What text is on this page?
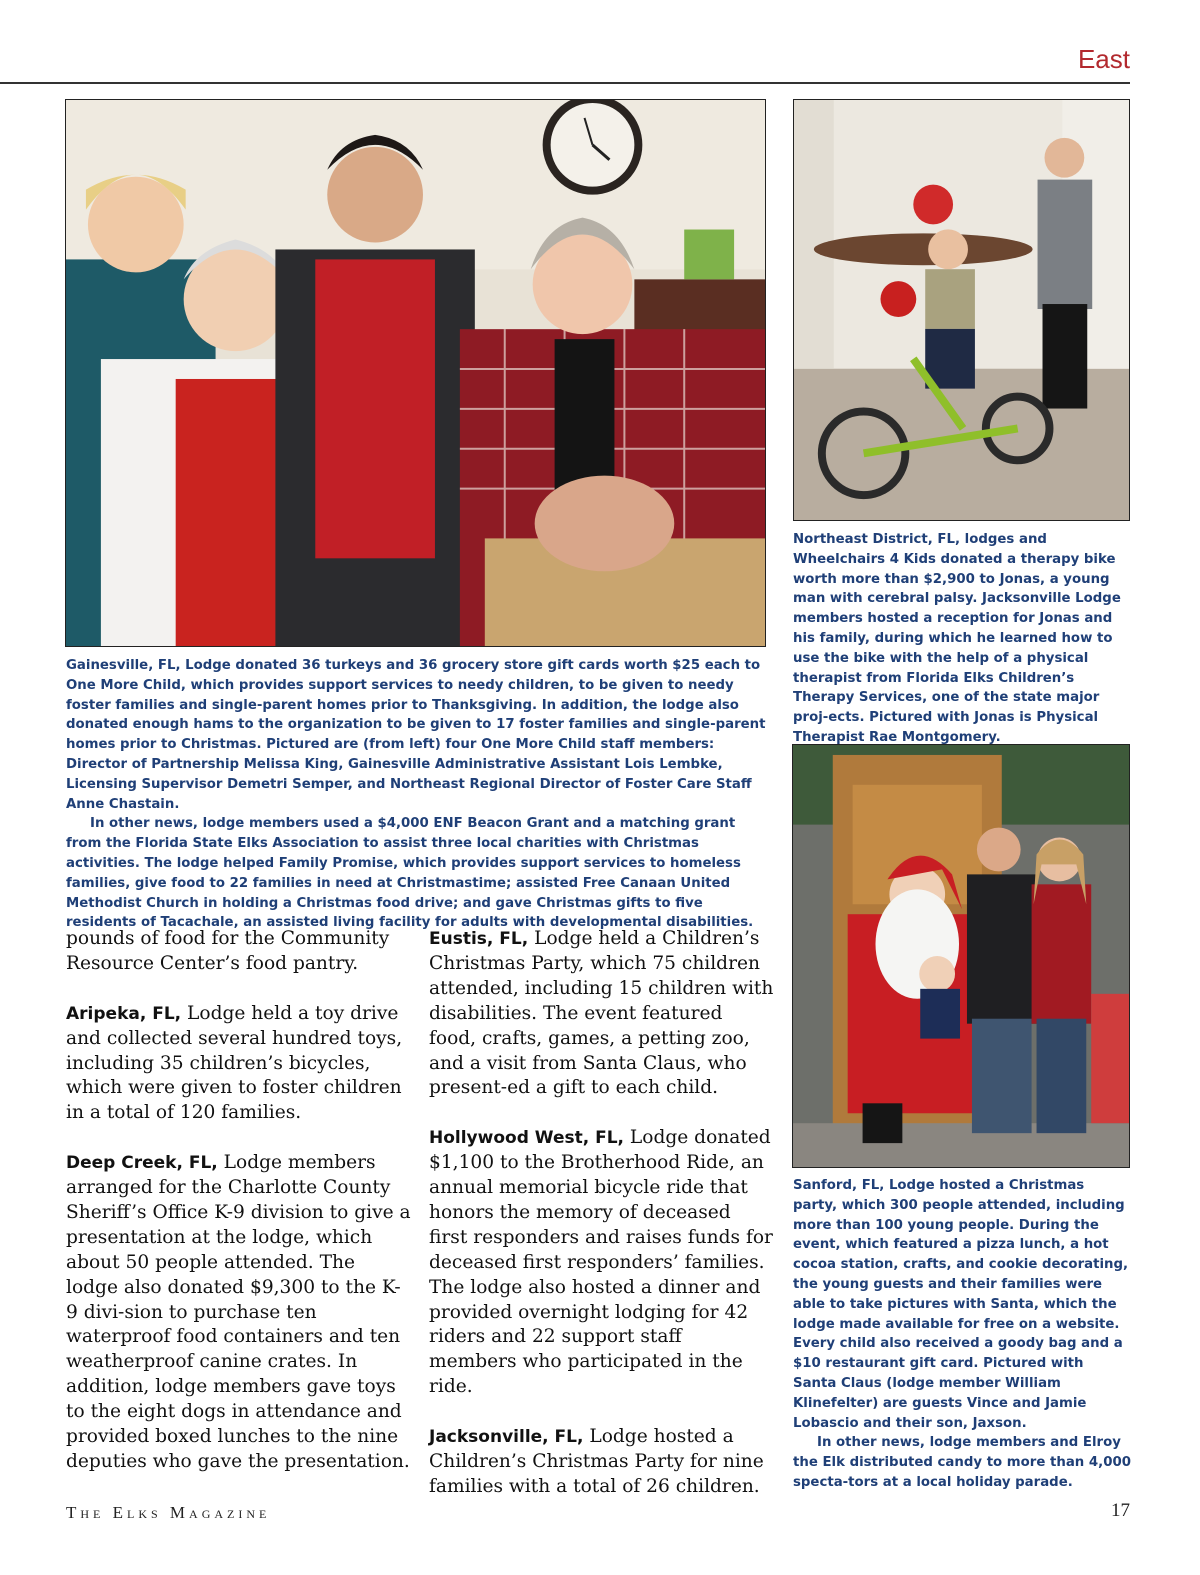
East

Gainesville, FL, Lodge donated 36 turkeys and 36 grocery store gift cards worth $25 each to One More Child, which provides support services to needy children, to be given to needy foster families and single-parent homes prior to Thanksgiving. In addition, the lodge also donated enough hams to the organization to be given to 17 foster families and single-parent homes prior to Christmas. Pictured are (from left) four One More Child staff members: Director of Partnership Melissa King, Gainesville Administrative Assistant Lois Lembke, Licensing Supervisor Demetri Semper, and Northeast Regional Director of Foster Care Staff Anne Chastain.

In other news, lodge members used a $4,000 ENF Beacon Grant and a matching grant from the Florida State Elks Association to assist three local charities with Christmas activities. The lodge helped Family Promise, which provides support services to homeless families, give food to 22 families in need at Christmastime; assisted Free Canaan United Methodist Church in holding a Christmas food drive; and gave Christmas gifts to five residents of Tacachale, an assisted living facility for adults with developmental disabilities.

Northeast District, FL, lodges and Wheelchairs 4 Kids donated a therapy bike worth more than $2,900 to Jonas, a young man with cerebral palsy. Jacksonville Lodge members hosted a reception for Jonas and his family, during which he learned how to use the bike with the help of a physical therapist from Florida Elks Children’s Therapy Services, one of the state major proj-ects. Pictured with Jonas is Physical Therapist Rae Montgomery.

Sanford, FL, Lodge hosted a Christmas party, which 300 people attended, including more than 100 young people. During the event, which featured a pizza lunch, a hot cocoa station, crafts, and cookie decorating, the young guests and their families were able to take pictures with Santa, which the lodge made available for free on a website. Every child also received a goody bag and a $10 restaurant gift card. Pictured with Santa Claus (lodge member William Klinefelter) are guests Vince and Jamie Lobascio and their son, Jaxson.

In other news, lodge members and Elroy the Elk distributed candy to more than 4,000 specta-tors at a local holiday parade.

pounds of food for the Community Resource Center’s food pantry.

Aripeka, FL, Lodge held a toy drive and collected several hundred toys, including 35 children’s bicycles, which were given to foster children in a total of 120 families.

Deep Creek, FL, Lodge members arranged for the Charlotte County Sheriff’s Office K-9 division to give a presentation at the lodge, which about 50 people attended. The lodge also donated $9,300 to the K-9 divi-sion to purchase ten waterproof food containers and ten weatherproof canine crates. In addition, lodge members gave toys to the eight dogs in attendance and provided boxed lunches to the nine deputies who gave the presentation.

Eustis, FL, Lodge held a Children’s Christmas Party, which 75 children attended, including 15 children with disabilities. The event featured food, crafts, games, a petting zoo, and a visit from Santa Claus, who present-ed a gift to each child.

Hollywood West, FL, Lodge donated $1,100 to the Brotherhood Ride, an annual memorial bicycle ride that honors the memory of deceased first responders and raises funds for deceased first responders’ families. The lodge also hosted a dinner and provided overnight lodging for 42 riders and 22 support staff members who participated in the ride.

Jacksonville, FL, Lodge hosted a Children’s Christmas Party for nine families with a total of 26 children.

The Elks Magazine	17
